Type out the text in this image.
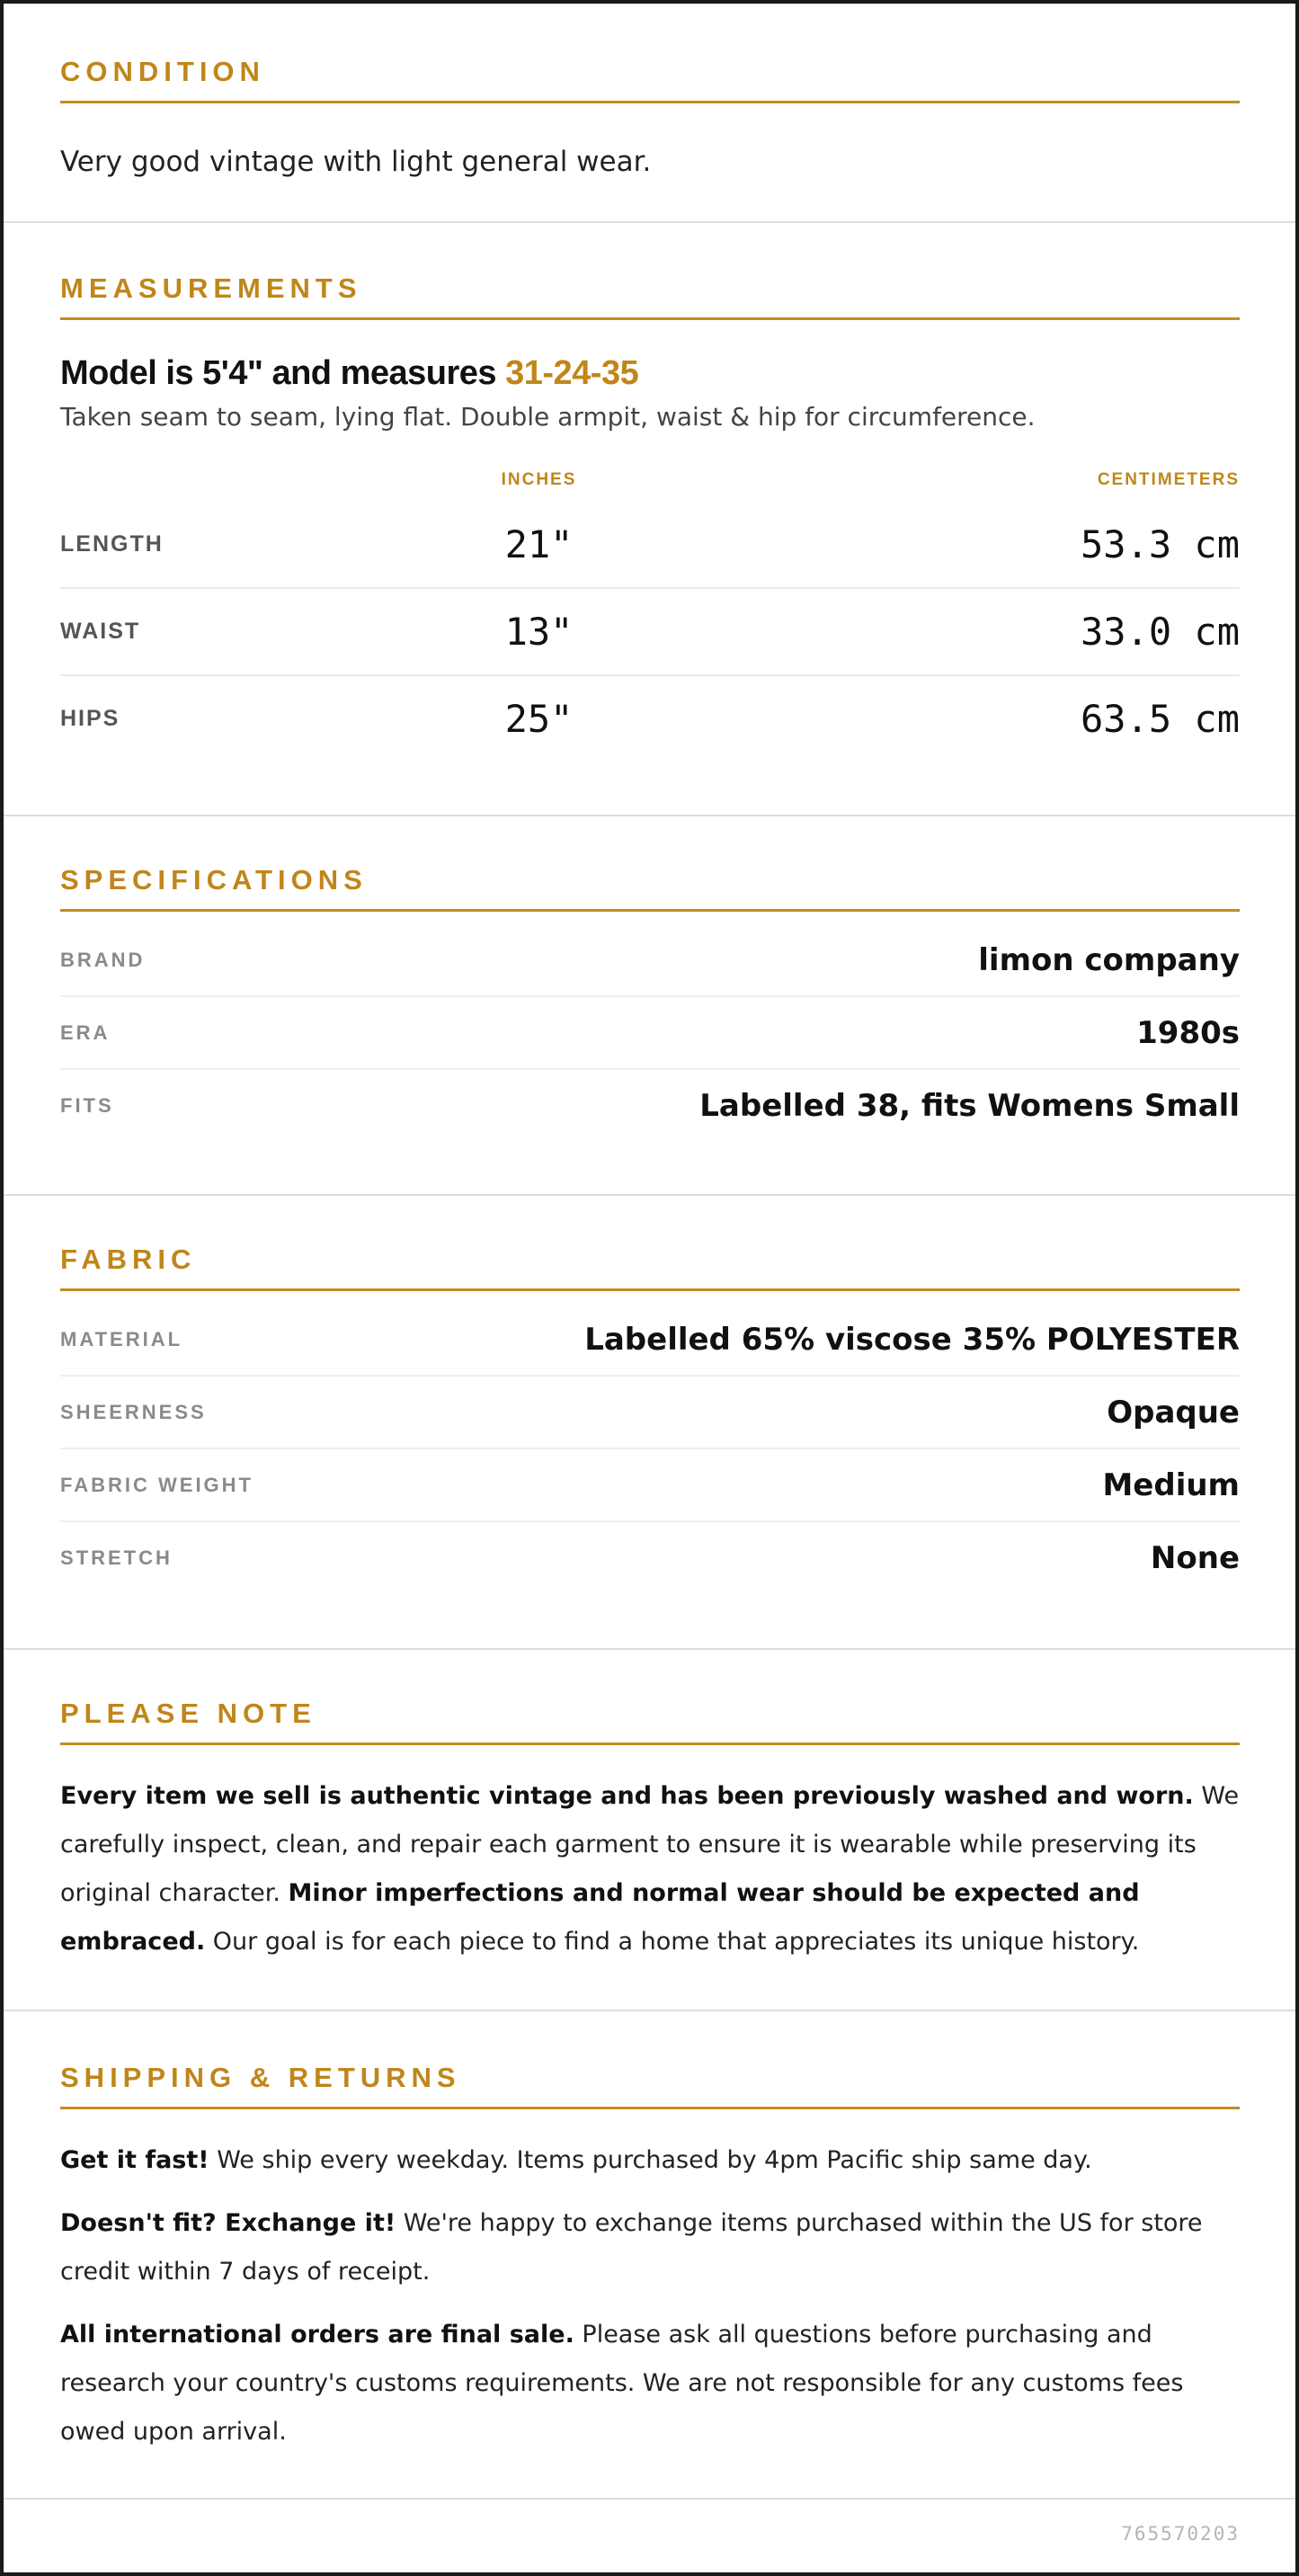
CONDITION
Very good vintage with light general wear.
MEASUREMENTS
Model is 5'4" and measures 31-24-35
Taken seam to seam, lying flat. Double armpit, waist & hip for circumference.
INCHES	CENTIMETERS
LENGTH	21"	53.3 cm
WAIST	13"	33.0 cm
HIPS	25"	63.5 cm
SPECIFICATIONS
BRAND	limon company
ERA	1980s
FITS	Labelled 38, fits Womens Small
FABRIC
MATERIAL	Labelled 65% viscose 35% POLYESTER
SHEERNESS	Opaque
FABRIC WEIGHT	Medium
STRETCH	None
PLEASE NOTE
Every item we sell is authentic vintage and has been previously washed and worn. We carefully inspect, clean, and repair each garment to ensure it is wearable while preserving its original character. Minor imperfections and normal wear should be expected and embraced. Our goal is for each piece to find a home that appreciates its unique history.
SHIPPING & RETURNS

Get it fast! We ship every weekday. Items purchased by 4pm Pacific ship same day.

Doesn't fit? Exchange it! We're happy to exchange items purchased within the US for store credit within 7 days of receipt.

All international orders are final sale. Please ask all questions before purchasing and research your country's customs requirements. We are not responsible for any customs fees owed upon arrival.

765570203
